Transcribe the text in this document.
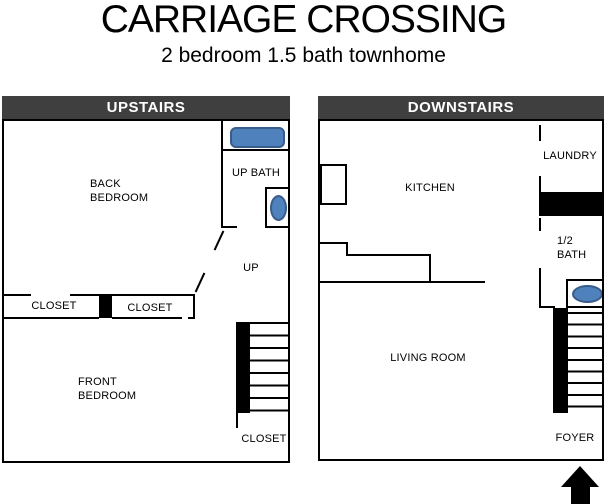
CARRIAGE CROSSING
2 bedroom 1.5 bath townhome
UPSTAIRS
BACK
BEDROOM
UP BATH
UP
CLOSET	CLOSET
FRONT
BEDROOM
CLOSET
DOWNSTAIRS
LAUNDRY
KITCHEN
1/2
BATH
LIVING ROOM
FOYER
